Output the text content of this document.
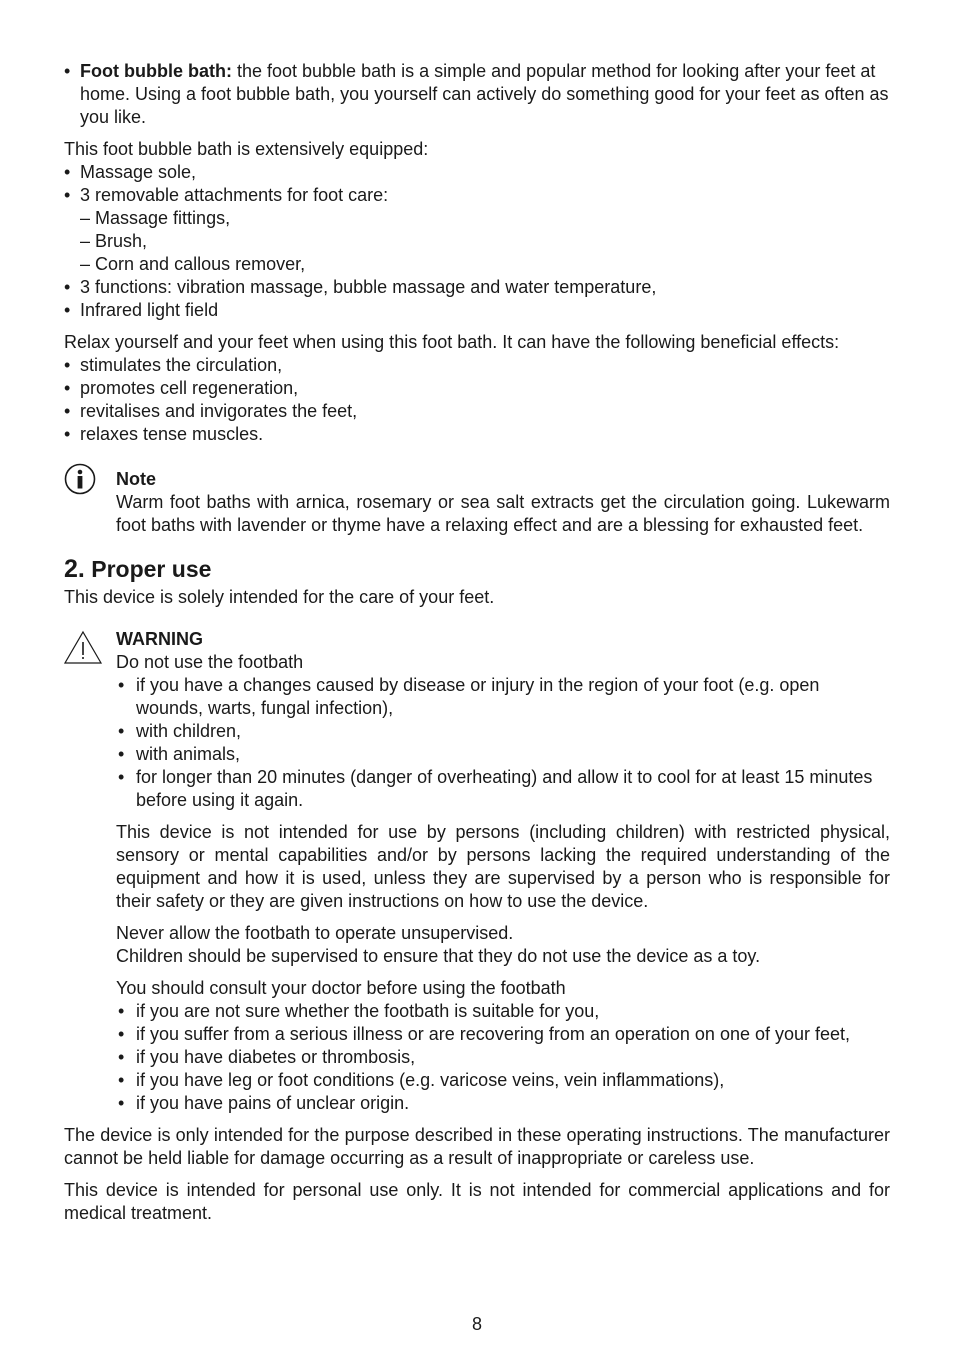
• Foot bubble bath: the foot bubble bath is a simple and popular method for looking after your feet at home. Using a foot bubble bath, you yourself can actively do something good for your feet as often as you like.

This foot bubble bath is extensively equipped:

• Massage sole,
• 3 removable attachments for foot care:
– Massage fittings,
– Brush,
– Corn and callous remover,
• 3 functions: vibration massage, bubble massage and water temperature,
• Infrared light field

Relax yourself and your feet when using this foot bath. It can have the following beneficial effects:

• stimulates the circulation,
• promotes cell regeneration,
• revitalises and invigorates the feet,
• relaxes tense muscles.

Note

Warm foot baths with arnica, rosemary or sea salt extracts get the circulation going. Lukewarm foot baths with lavender or thyme have a relaxing effect and are a blessing for exhausted feet.

2. Proper use

This device is solely intended for the care of your feet.

WARNING

Do not use the footbath

• if you have a changes caused by disease or injury in the region of your foot (e.g. open wounds, warts, fungal infection),
• with children,
• with animals,
• for longer than 20 minutes (danger of overheating) and allow it to cool for at least 15 minutes before using it again.

This device is not intended for use by persons (including children) with restricted physical, sensory or mental capabilities and/or by persons lacking the required understanding of the equipment and how it is used, unless they are supervised by a person who is responsible for their safety or they are given instructions on how to use the device.

Never allow the footbath to operate unsupervised.

Children should be supervised to ensure that they do not use the device as a toy.

You should consult your doctor before using the footbath

• if you are not sure whether the footbath is suitable for you,
• if you suffer from a serious illness or are recovering from an operation on one of your feet,
• if you have diabetes or thrombosis,
• if you have leg or foot conditions (e.g. varicose veins, vein inflammations),
• if you have pains of unclear origin.

The device is only intended for the purpose described in these operating instructions. The manufacturer cannot be held liable for damage occurring as a result of inappropriate or careless use.

This device is intended for personal use only. It is not intended for commercial applications and for medical treatment.

8
